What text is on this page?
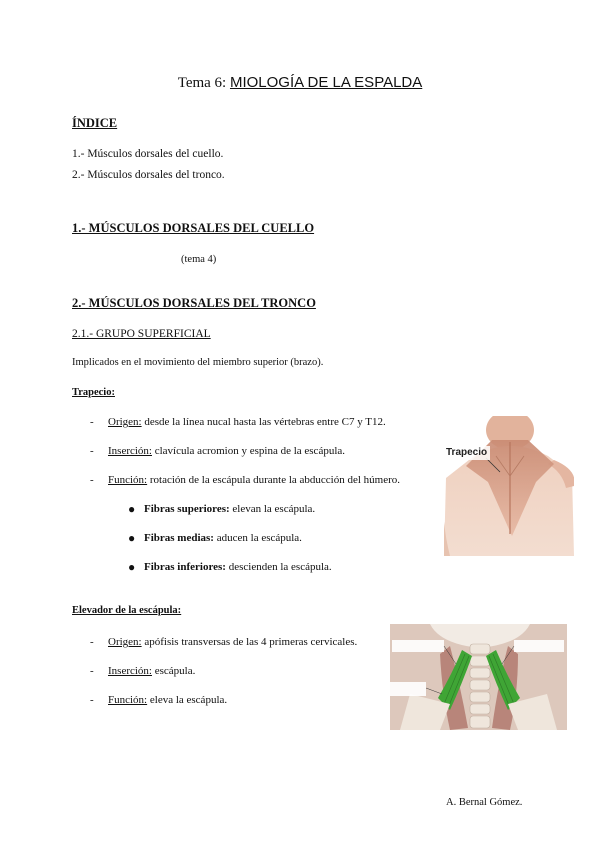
Tema 6: MIOLOGÍA DE LA ESPALDA
ÍNDICE
1.- Músculos dorsales del cuello.
2.- Músculos dorsales del tronco.
1.- MÚSCULOS DORSALES DEL CUELLO
(tema 4)
2.- MÚSCULOS DORSALES DEL TRONCO
2.1.- GRUPO SUPERFICIAL
Implicados en el movimiento del miembro superior (brazo).
Trapecio:
- Origen: desde la línea nucal hasta las vértebras entre C7 y T12.
- Inserción: clavícula acromion y espina de la escápula.
- Función: rotación de la escápula durante la abducción del húmero.
● Fibras superiores: elevan la escápula.
● Fibras medias: aducen la escápula.
● Fibras inferiores: descienden la escápula.
Trapecio
Elevador de la escápula:
- Origen: apófisis transversas de las 4 primeras cervicales.
- Inserción: escápula.
- Función: eleva la escápula.
A. Bernal Gómez.
